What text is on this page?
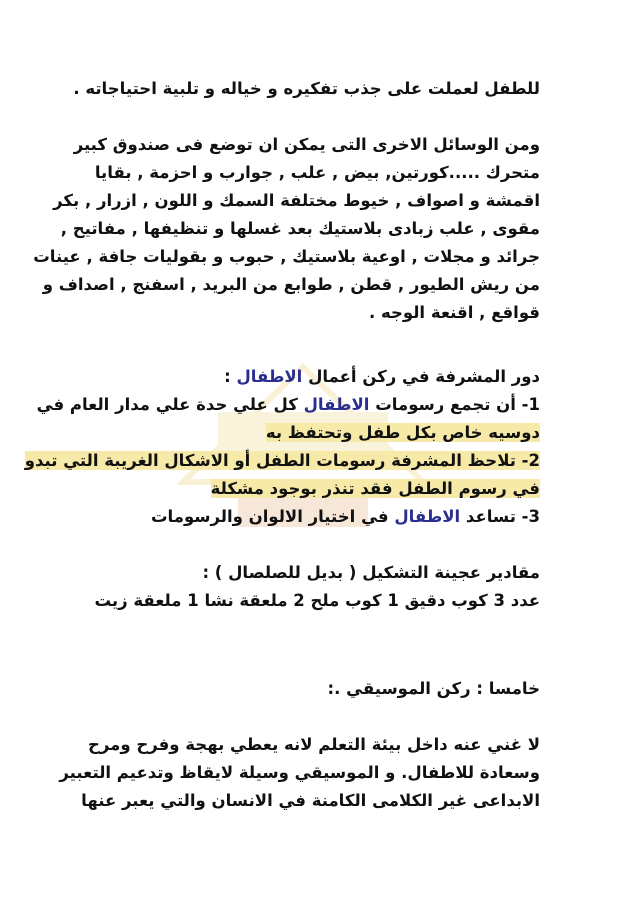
للطفل لعملت على جذب تفكيره و خياله و تلبية احتياجاته .
ومن الوسائل الاخرى التى يمكن ان توضع فى صندوق كبير
متحرك .....كورتين, بيض , علب , جوارب و احزمة , بقايا
اقمشة و اصواف , خيوط مختلفة السمك و اللون , ازرار , بكر
مقوى , علب زبادى بلاستيك بعد غسلها و تنظيفها , مفاتيح ,
جرائد و مجلات , اوعية بلاستيك , حبوب و بقوليات جافة , عينات
من ريش الطيور , قطن , طوابع من البريد , اسفنج , اصداف و
قواقع , اقنعة الوجه .
دور المشرفة في ركن أعمال الاطفال :
1- أن تجمع رسومات الاطفال كل علي حدة علي مدار العام في
دوسيه خاص بكل طفل وتحتفظ به
2- تلاحظ المشرفة رسومات الطفل أو الاشكال الغريبة التي تبدو
في رسوم الطفل فقد تنذر بوجود مشكلة
3- تساعد الاطفال في اختيار الالوان والرسومات
مقادير عجينة التشكيل ( بديل للصلصال ) :
عدد 3 كوب دقيق 1 كوب ملح 2 ملعقة نشا 1 ملعقة زيت
خامسا : ركن الموسيقي .:
لا غني عنه داخل بيئة التعلم لانه يعطي بهجة وفرح ومرح
وسعادة للاطفال. و الموسيقي وسيلة لايقاظ وتدعيم التعبير
الابداعى غير الكلامى الكامنة في الانسان والتي يعبر عنها
